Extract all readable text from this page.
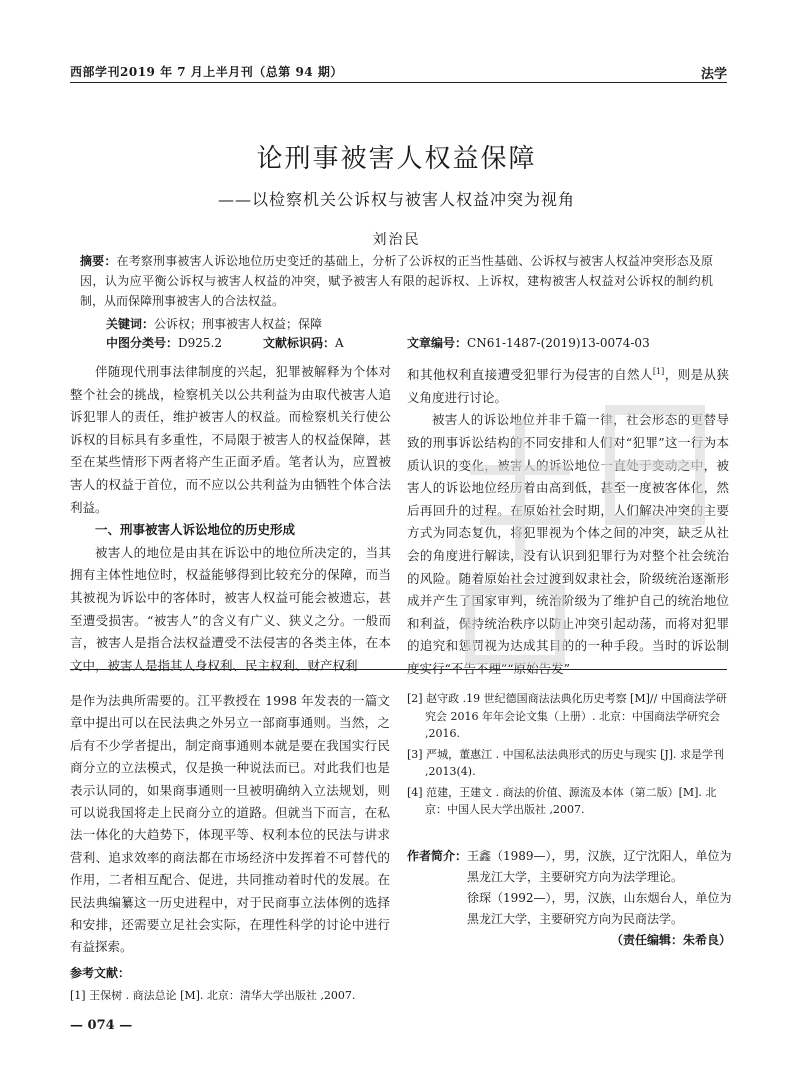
西部学刊2019 年 7 月上半月刊（总第 94 期）	法学
论刑事被害人权益保障
——以检察机关公诉权与被害人权益冲突为视角
刘治民
摘要：在考察刑事被害人诉讼地位历史变迁的基础上，分析了公诉权的正当性基础、公诉权与被害人权益冲突形态及原因，认为应平衡公诉权与被害人权益的冲突，赋予被害人有限的起诉权、上诉权，建构被害人权益对公诉权的制约机制，从而保障刑事被害人的合法权益。
关键词：公诉权；刑事被害人权益；保障
中图分类号：D925.2	文献标识码：A	文章编号：CN61-1487-(2019)13-0074-03

伴随现代刑事法律制度的兴起，犯罪被解释为个体对整个社会的挑战，检察机关以公共利益为由取代被害人追诉犯罪人的责任，维护被害人的权益。而检察机关行使公诉权的目标具有多重性，不局限于被害人的权益保障，甚至在某些情形下两者将产生正面矛盾。笔者认为，应置被害人的权益于首位，而不应以公共利益为由牺牲个体合法利益。

一、刑事被害人诉讼地位的历史形成

被害人的地位是由其在诉讼中的地位所决定的，当其拥有主体性地位时，权益能够得到比较充分的保障，而当其被视为诉讼中的客体时，被害人权益可能会被遗忘，甚至遭受损害。“被害人”的含义有广义、狭义之分。一般而言，被害人是指合法权益遭受不法侵害的各类主体，在本文中，被害人是指其人身权利、民主权利、财产权利

和其他权利直接遭受犯罪行为侵害的自然人[1]，则是从狭义角度进行讨论。

被害人的诉讼地位并非千篇一律，社会形态的更替导致的刑事诉讼结构的不同安排和人们对“犯罪”这一行为本质认识的变化，被害人的诉讼地位一直处于变动之中，被害人的诉讼地位经历着由高到低，甚至一度被客体化，然后再回升的过程。在原始社会时期，人们解决冲突的主要方式为同态复仇，将犯罪视为个体之间的冲突，缺乏从社会的角度进行解读，没有认识到犯罪行为对整个社会统治的风险。随着原始社会过渡到奴隶社会，阶级统治逐渐形成并产生了国家审判，统治阶级为了维护自己的统治地位和利益，保持统治秩序以防止冲突引起动荡，而将对犯罪的追究和惩罚视为达成其目的的一种手段。当时的诉讼制度实行“不告不理”“原始告发”

是作为法典所需要的。江平教授在 1998 年发表的一篇文章中提出可以在民法典之外另立一部商事通则。当然，之后有不少学者提出，制定商事通则本就是要在我国实行民商分立的立法模式，仅是换一种说法而已。对此我们也是表示认同的，如果商事通则一旦被明确纳入立法规划，则可以说我国将走上民商分立的道路。但就当下而言，在私法一体化的大趋势下，体现平等、权利本位的民法与讲求营利、追求效率的商法都在市场经济中发挥着不可替代的作用，二者相互配合、促进，共同推动着时代的发展。在民法典编纂这一历史进程中，对于民商事立法体例的选择和安排，还需要立足社会实际，在理性科学的讨论中进行有益探索。

[2] 赵守政 .19 世纪德国商法法典化历史考察 [M]// 中国商法学研究会 2016 年年会论文集（上册）. 北京：中国商法学研究会 ,2016.
[3] 严城，董惠江 . 中国私法法典形式的历史与现实 [J]. 求是学刊 ,2013(4).
[4] 范建，王建文 . 商法的价值、源流及本体（第二版）[M]. 北京：中国人民大学出版社 ,2007.
作者简介：王鑫（1989—），男，汉族，辽宁沈阳人，单位为
黑龙江大学，主要研究方向为法学理论。
徐琛（1992—），男，汉族，山东烟台人，单位为
黑龙江大学，主要研究方向为民商法学。
（责任编辑：朱希良）
参考文献：
[1] 王保树 . 商法总论 [M]. 北京：清华大学出版社 ,2007.
— 074 —
